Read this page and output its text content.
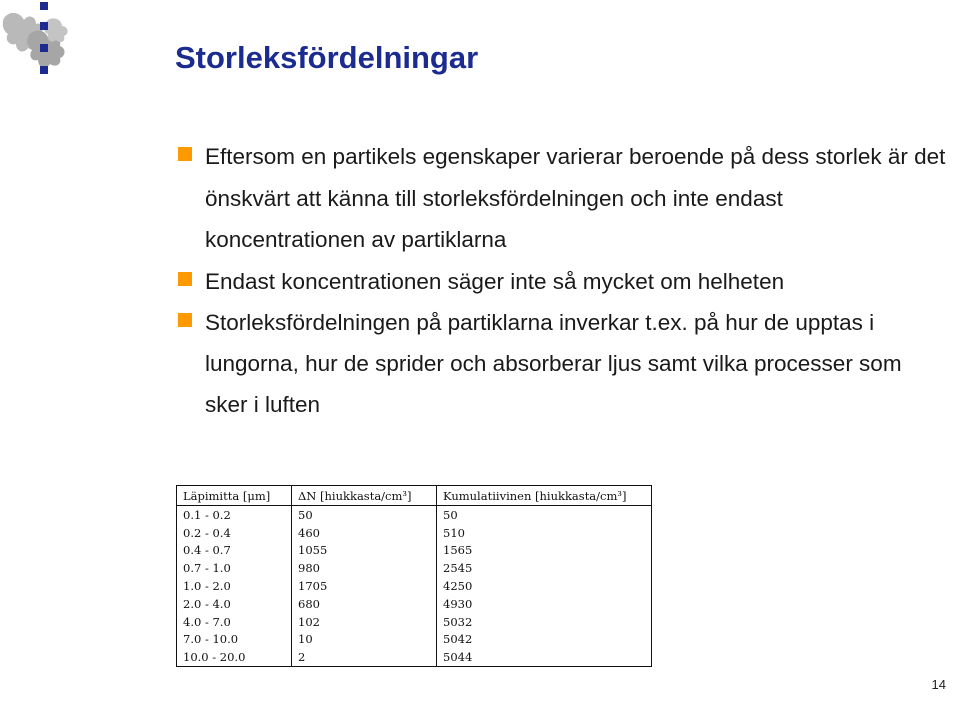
Storleksfördelningar
Eftersom en partikels egenskaper varierar beroende på dess storlek är det önskvärt att känna till storleksfördelningen och inte endast koncentrationen av partiklarna
Endast koncentrationen säger inte så mycket om helheten
Storleksfördelningen på partiklarna inverkar t.ex. på hur de upptas i lungorna, hur de sprider och absorberar ljus samt vilka processer som sker i luften
Läpimitta [μm]	ΔN [hiukkasta/cm³]	Kumulatiivinen [hiukkasta/cm³]
0.1 - 0.2	50	50
0.2 - 0.4	460	510
0.4 - 0.7	1055	1565
0.7 - 1.0	980	2545
1.0 - 2.0	1705	4250
2.0 - 4.0	680	4930
4.0 - 7.0	102	5032
7.0 - 10.0	10	5042
10.0 - 20.0	2	5044
14
